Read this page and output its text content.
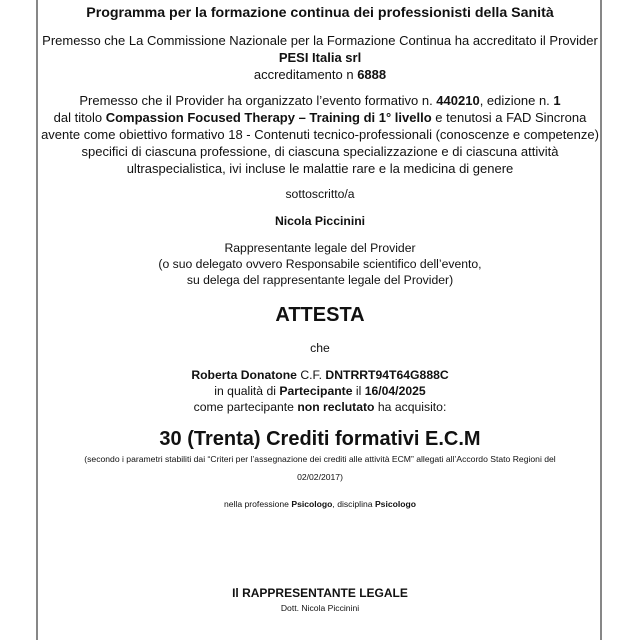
Programma per la formazione continua dei professionisti della Sanità
Premesso che La Commissione Nazionale per la Formazione Continua ha accreditato il Provider
PESI Italia srl
accreditamento n 6888
Premesso che il Provider ha organizzato l’evento formativo n. 440210, edizione n. 1
dal titolo Compassion Focused Therapy – Training di 1° livello e tenutosi a FAD Sincrona
avente come obiettivo formativo 18 - Contenuti tecnico-professionali (conoscenze e competenze)
specifici di ciascuna professione, di ciascuna specializzazione e di ciascuna attività
ultraspecialistica, ivi incluse le malattie rare e la medicina di genere
sottoscritto/a
Nicola Piccinini
Rappresentante legale del Provider
(o suo delegato ovvero Responsabile scientifico dell’evento,
su delega del rappresentante legale del Provider)
ATTESTA
che
Roberta Donatone C.F. DNTRRT94T64G888C
in qualità di Partecipante il 16/04/2025
come partecipante non reclutato ha acquisito:
30 (Trenta) Crediti formativi E.C.M
(secondo i parametri stabiliti dai “Criteri per l’assegnazione dei crediti alle attività ECM” allegati all’Accordo Stato Regioni del
02/02/2017)
nella professione Psicologo, disciplina Psicologo
Il RAPPRESENTANTE LEGALE
Dott. Nicola Piccinini
